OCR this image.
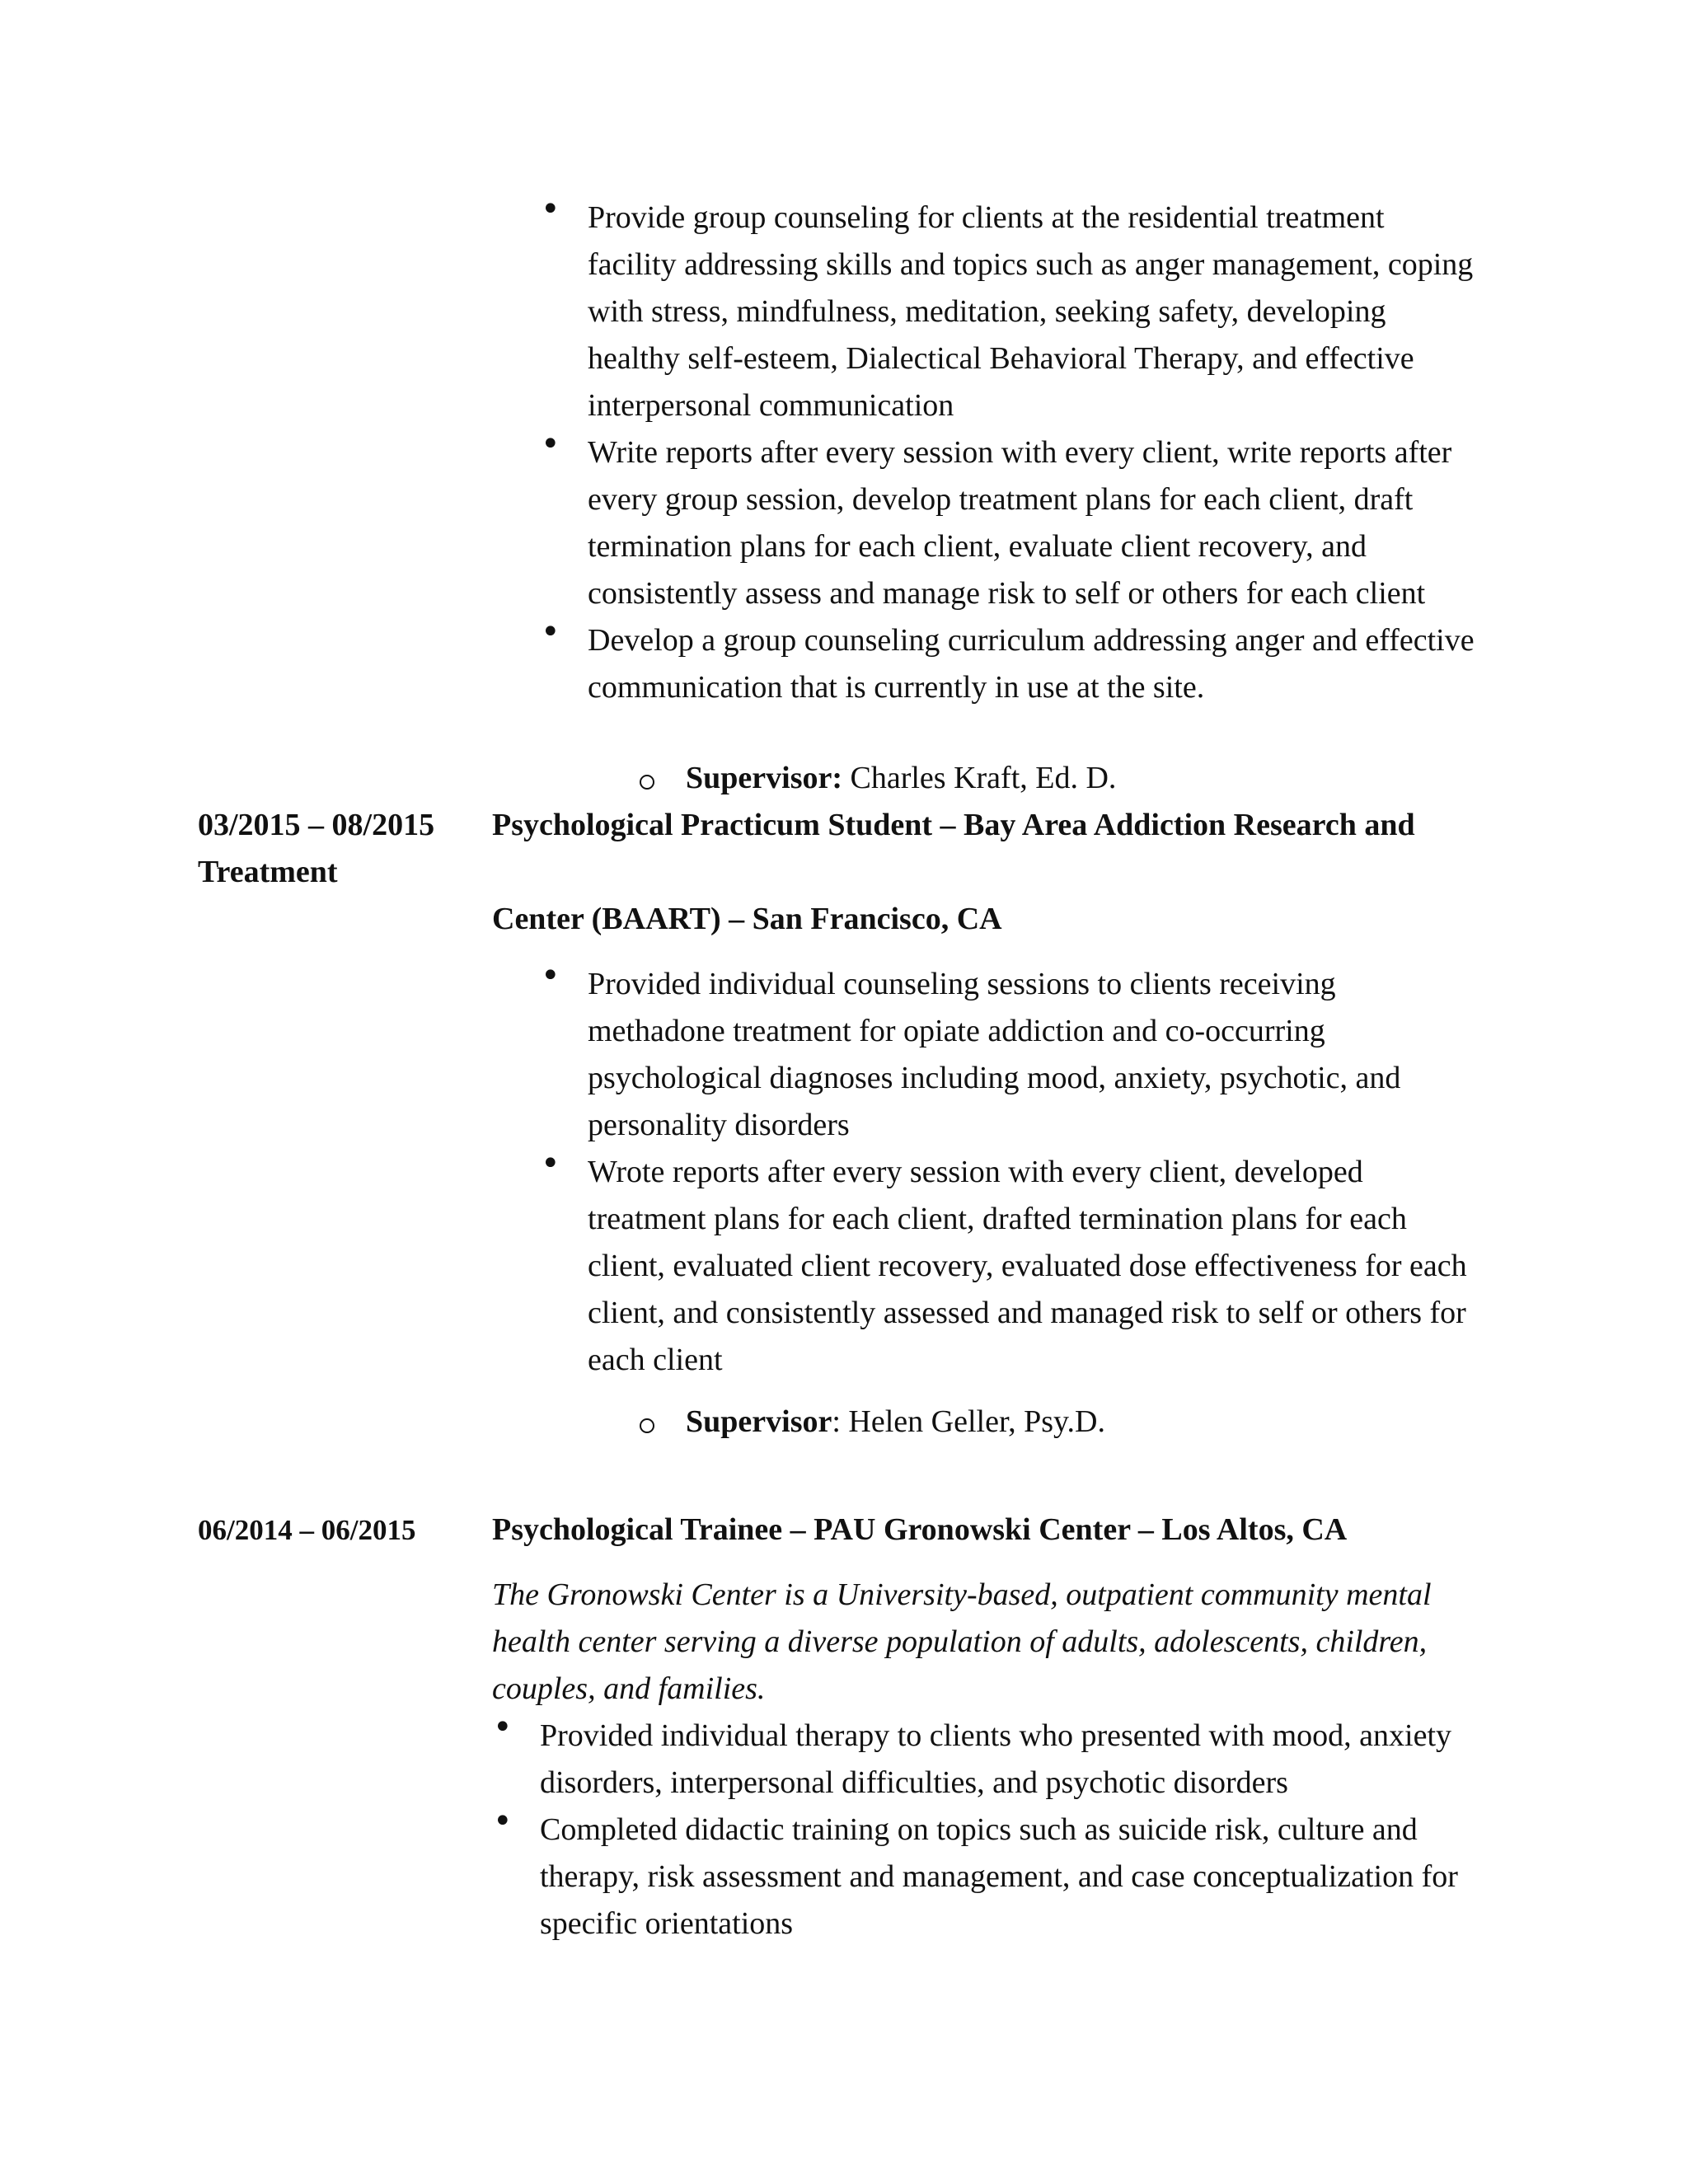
• Provide group counseling for clients at the residential treatment facility addressing skills and topics such as anger management, coping with stress, mindfulness, meditation, seeking safety, developing healthy self-esteem, Dialectical Behavioral Therapy, and effective interpersonal communication
• Write reports after every session with every client, write reports after every group session, develop treatment plans for each client, draft termination plans for each client, evaluate client recovery, and consistently assess and manage risk to self or others for each client
• Develop a group counseling curriculum addressing anger and effective communication that is currently in use at the site.
Supervisor: Charles Kraft, Ed. D.
03/2015 – 08/2015
Treatment
Psychological Practicum Student – Bay Area Addiction Research and
Center (BAART) – San Francisco, CA
• Provided individual counseling sessions to clients receiving methadone treatment for opiate addiction and co-occurring psychological diagnoses including mood, anxiety, psychotic, and personality disorders
• Wrote reports after every session with every client, developed treatment plans for each client, drafted termination plans for each client, evaluated client recovery, evaluated dose effectiveness for each client, and consistently assessed and managed risk to self or others for each client
Supervisor: Helen Geller, Psy.D.
06/2014 – 06/2015 Psychological Trainee – PAU Gronowski Center – Los Altos, CA
The Gronowski Center is a University-based, outpatient community mental health center serving a diverse population of adults, adolescents, children, couples, and families.
• Provided individual therapy to clients who presented with mood, anxiety disorders, interpersonal difficulties, and psychotic disorders
• Completed didactic training on topics such as suicide risk, culture and therapy, risk assessment and management, and case conceptualization for specific orientations
